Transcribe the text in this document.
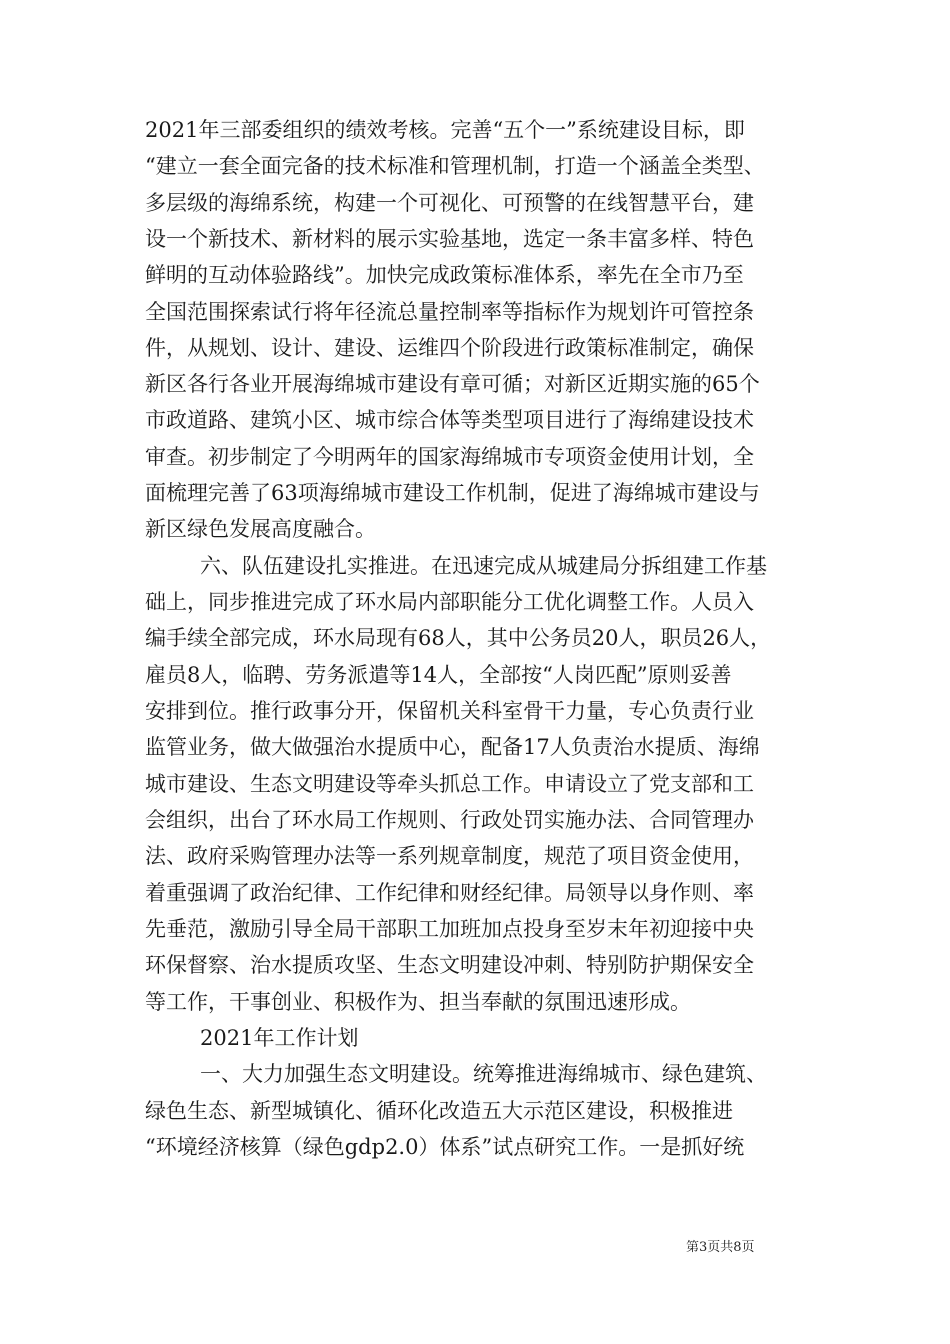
2021年三部委组织的绩效考核。完善“五个一”系统建设目标，即
“建立一套全面完备的技术标准和管理机制，打造一个涵盖全类型、
多层级的海绵系统，构建一个可视化、可预警的在线智慧平台，建
设一个新技术、新材料的展示实验基地，选定一条丰富多样、特色
鲜明的互动体验路线”。加快完成政策标准体系，率先在全市乃至
全国范围探索试行将年径流总量控制率等指标作为规划许可管控条
件，从规划、设计、建设、运维四个阶段进行政策标准制定，确保
新区各行各业开展海绵城市建设有章可循；对新区近期实施的65个
市政道路、建筑小区、城市综合体等类型项目进行了海绵建设技术
审查。初步制定了今明两年的国家海绵城市专项资金使用计划，全
面梳理完善了63项海绵城市建设工作机制，促进了海绵城市建设与
新区绿色发展高度融合。
六、队伍建设扎实推进。在迅速完成从城建局分拆组建工作基
础上，同步推进完成了环水局内部职能分工优化调整工作。人员入
编手续全部完成，环水局现有68人，其中公务员20人，职员26人，
雇员8人，临聘、劳务派遣等14人，全部按“人岗匹配”原则妥善
安排到位。推行政事分开，保留机关科室骨干力量，专心负责行业
监管业务，做大做强治水提质中心，配备17人负责治水提质、海绵
城市建设、生态文明建设等牵头抓总工作。申请设立了党支部和工
会组织，出台了环水局工作规则、行政处罚实施办法、合同管理办
法、政府采购管理办法等一系列规章制度，规范了项目资金使用，
着重强调了政治纪律、工作纪律和财经纪律。局领导以身作则、率
先垂范，激励引导全局干部职工加班加点投身至岁末年初迎接中央
环保督察、治水提质攻坚、生态文明建设冲刺、特别防护期保安全
等工作，干事创业、积极作为、担当奉献的氛围迅速形成。
2021年工作计划
一、大力加强生态文明建设。统筹推进海绵城市、绿色建筑、
绿色生态、新型城镇化、循环化改造五大示范区建设，积极推进
“环境经济核算（绿色gdp2.0）体系”试点研究工作。一是抓好统
第3页共8页
